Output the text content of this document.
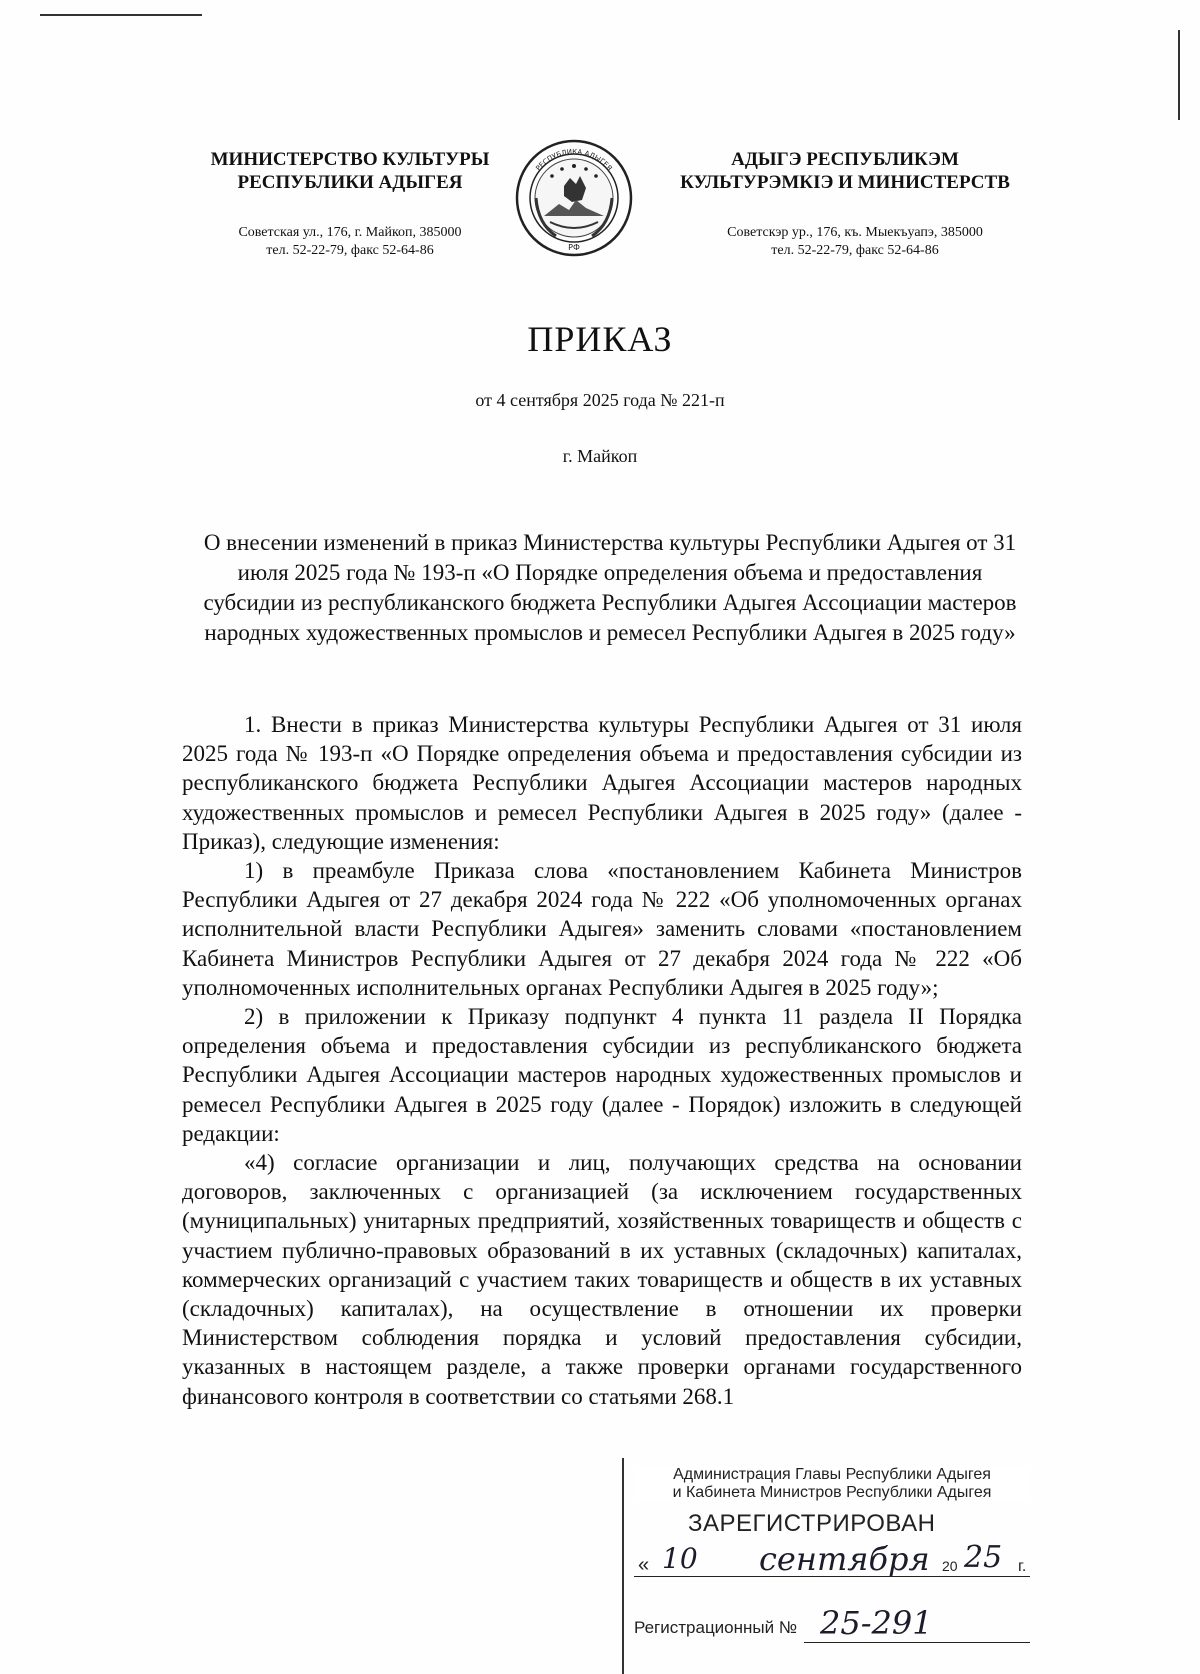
МИНИСТЕРСТВО КУЛЬТУРЫ
РЕСПУБЛИКИ АДЫГЕЯ
Советская ул., 176, г. Майкоп, 385000
тел. 52-22-79, факс 52-64-86	РФ
РЕСПУБЛИКА АДЫГЕЯ	АДЫГЭ РЕСПУБЛИКЭМ
КУЛЬТУРЭМКIЭ И МИНИСТЕРСТВ
Советскэр ур., 176, къ. Мыекъуапэ, 385000
тел. 52-22-79, факс 52-64-86
ПРИКАЗ
от 4 сентября 2025 года № 221-п
г. Майкоп
О внесении изменений в приказ Министерства культуры Республики Адыгея от 31 июля 2025 года № 193-п «О Порядке определения объема и предоставления субсидии из республиканского бюджета Республики Адыгея Ассоциации мастеров народных художественных промыслов и ремесел Республики Адыгея в 2025 году»

1. Внести в приказ Министерства культуры Республики Адыгея от 31 июля 2025 года № 193-п «О Порядке определения объема и предоставления субсидии из республиканского бюджета Республики Адыгея Ассоциации мастеров народных художественных промыслов и ремесел Республики Адыгея в 2025 году» (далее - Приказ), следующие изменения:

1) в преамбуле Приказа слова «постановлением Кабинета Министров Республики Адыгея от 27 декабря 2024 года № 222 «Об уполномоченных органах исполнительной власти Республики Адыгея» заменить словами «постановлением Кабинета Министров Республики Адыгея от 27 декабря 2024 года № 222 «Об уполномоченных исполнительных органах Республики Адыгея в 2025 году»;

2) в приложении к Приказу подпункт 4 пункта 11 раздела II Порядка определения объема и предоставления субсидии из республиканского бюджета Республики Адыгея Ассоциации мастеров народных художественных промыслов и ремесел Республики Адыгея в 2025 году (далее - Порядок) изложить в следующей редакции:

«4) согласие организации и лиц, получающих средства на основании договоров, заключенных с организацией (за исключением государственных (муниципальных) унитарных предприятий, хозяйственных товариществ и обществ с участием публично-правовых образований в их уставных (складочных) капиталах, коммерческих организаций с участием таких товариществ и обществ в их уставных (складочных) капиталах), на осуществление в отношении их проверки Министерством соблюдения порядка и условий предоставления субсидии, указанных в настоящем разделе, а также проверки органами государственного финансового контроля в соответствии со статьями 268.1

Администрация Главы Республики Адыгея
и Кабинета Министров Республики Адыгея
ЗАРЕГИСТРИРОВАН
« 10 сентября 20 25 г.
Регистрационный № 25-291
